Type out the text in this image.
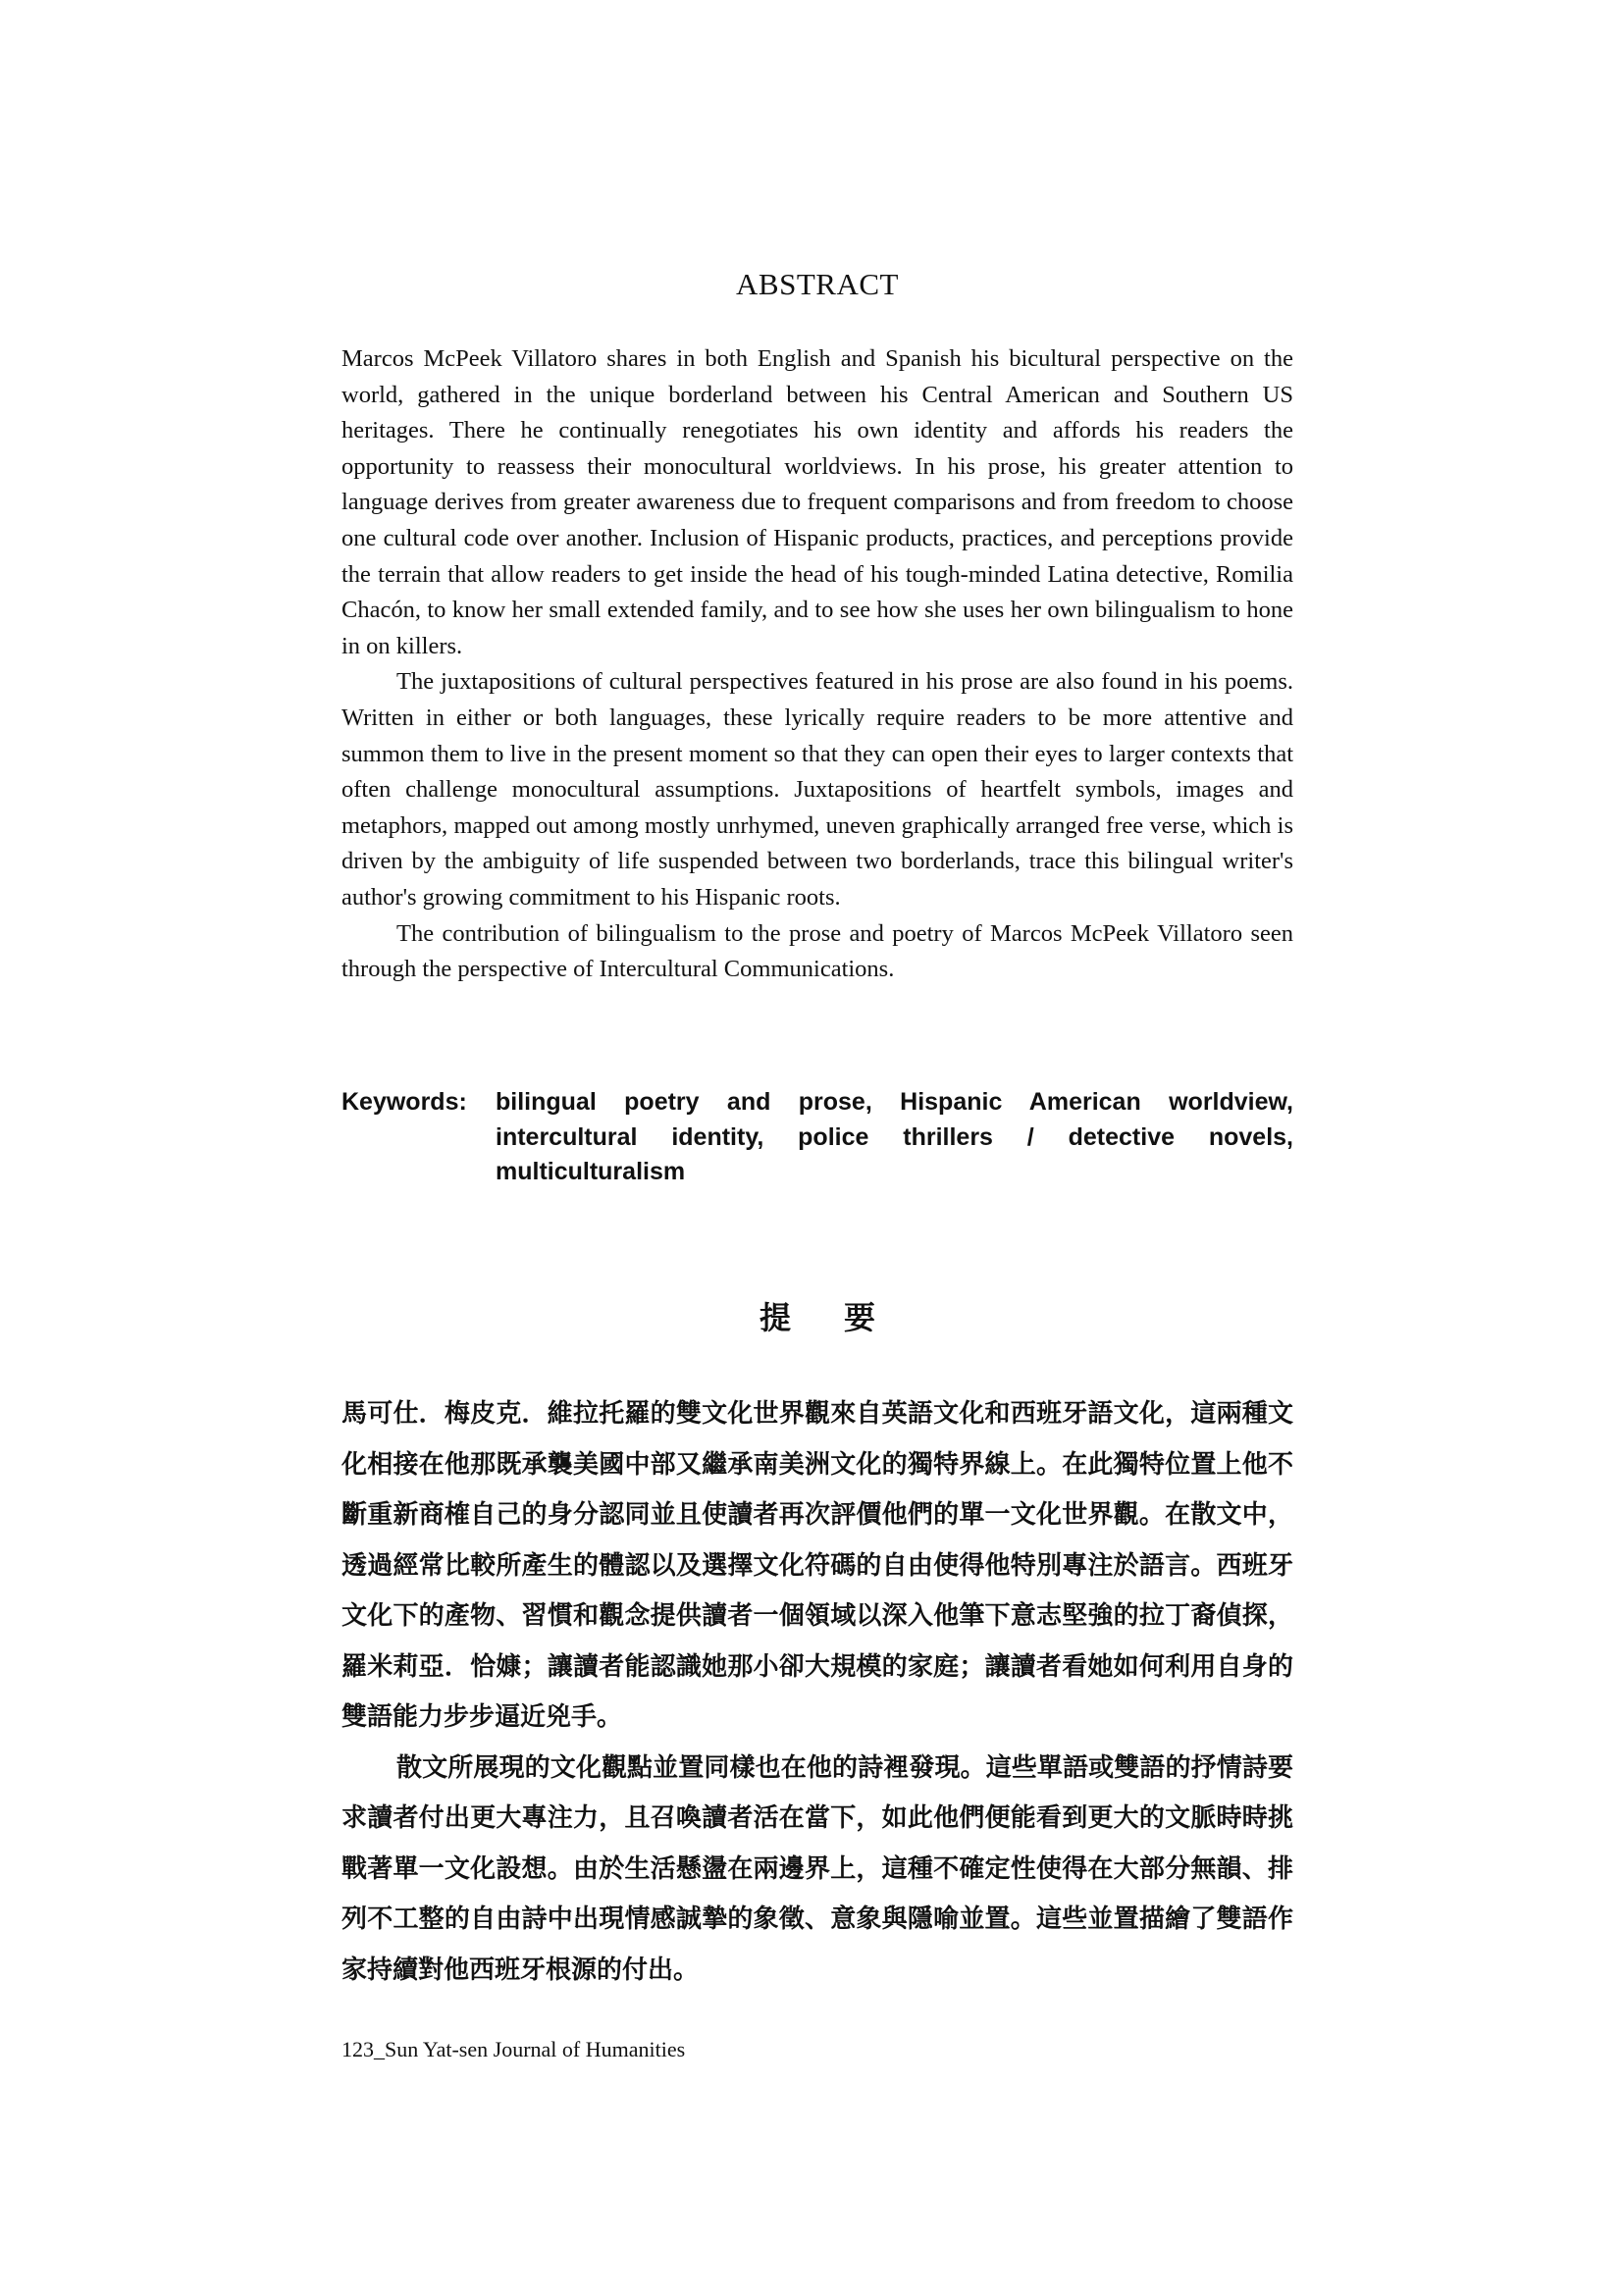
ABSTRACT

Marcos McPeek Villatoro shares in both English and Spanish his bicultural perspective on the world, gathered in the unique borderland between his Central American and Southern US heritages. There he continually renegotiates his own identity and affords his readers the opportunity to reassess their monocultural worldviews. In his prose, his greater attention to language derives from greater awareness due to frequent comparisons and from freedom to choose one cultural code over another. Inclusion of Hispanic products, practices, and perceptions provide the terrain that allow readers to get inside the head of his tough-minded Latina detective, Romilia Chacón, to know her small extended family, and to see how she uses her own bilingualism to hone in on killers.

The juxtapositions of cultural perspectives featured in his prose are also found in his poems. Written in either or both languages, these lyrically require readers to be more attentive and summon them to live in the present moment so that they can open their eyes to larger contexts that often challenge monocultural assumptions. Juxtapositions of heartfelt symbols, images and metaphors, mapped out among mostly unrhymed, uneven graphically arranged free verse, which is driven by the ambiguity of life suspended between two borderlands, trace this bilingual writer's author's growing commitment to his Hispanic roots.

The contribution of bilingualism to the prose and poetry of Marcos McPeek Villatoro seen through the perspective of Intercultural Communications.

Keywords:	bilingual poetry and prose, Hispanic American worldview, intercultural identity, police thrillers / detective novels, multiculturalism
提要

馬可仕．梅皮克．維拉托羅的雙文化世界觀來自英語文化和西班牙語文化，這兩種文化相接在他那既承襲美國中部又繼承南美洲文化的獨特界線上。在此獨特位置上他不斷重新商榷自己的身分認同並且使讀者再次評價他們的單一文化世界觀。在散文中，透過經常比較所產生的體認以及選擇文化符碼的自由使得他特別專注於語言。西班牙文化下的產物、習慣和觀念提供讀者一個領域以深入他筆下意志堅強的拉丁裔偵探，羅米莉亞．恰嫝；讓讀者能認識她那小卻大規模的家庭；讓讀者看她如何利用自身的雙語能力步步逼近兇手。

散文所展現的文化觀點並置同樣也在他的詩裡發現。這些單語或雙語的抒情詩要求讀者付出更大專注力，且召喚讀者活在當下，如此他們便能看到更大的文脈時時挑戰著單一文化設想。由於生活懸盪在兩邊界上，這種不確定性使得在大部分無韻、排列不工整的自由詩中出現情感誠摯的象徵、意象與隱喻並置。這些並置描繪了雙語作家持續對他西班牙根源的付出。

123_Sun Yat-sen Journal of Humanities
